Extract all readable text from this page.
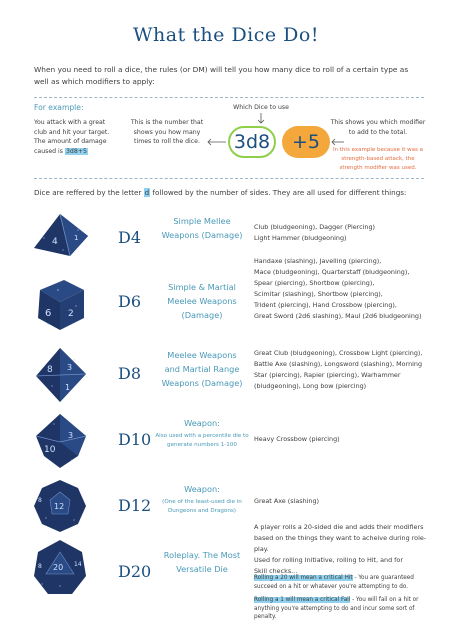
What the Dice Do!
When you need to roll a dice, the rules (or DM) will tell you how many dice to roll of a certain type as well as which modifiers to apply:
For example:
You attack with a great club and hit your target. The amount of damage caused is 3d8+5
This is the number that shows you how many times to roll the dice.
Which Dice to use
3d8	+5
This shows you which modifier to add to the total.
In this example because it was a strength-based attack, the strength modifier was used.
Dice are reffered by the letter d followed by the number of sides. They are all used for different things:
4 1 D4
Simple Mellee Weapons (Damage)
Club (bludgeoning), Dagger (Piercing)
Light Hammer (bludgeoning)
6 2
D6
Simple & Martial Meelee Weapons (Damage)
Handaxe (slashing), Javelling (piercing),
Mace (bludgeoning), Quarterstaff (bludgeoning),
Spear (piercing), Shortbow (piercing),
Scimitar (slashing), Shortbow (piercing),
Trident (piercing), Hand Crossbow (piercing),
Great Sword (2d6 slashing), Maul (2d6 bludgeoning)
8 3
1
D8
Meelee Weapons and Martial Range Weapons (Damage)
Great Club (bludgeoning), Crossbow Light (piercing),
Battle Axe (slashing), Longsword (slashing), Morning
Star (piercing), Rapier (piercing), Warhammer
(bludgeoning), Long bow (piercing)
10
3	D10
Weapon:
Also used with a percentile die to generate numbers 1-100
Heavy Crossbow (piercing)
12
8	D12
Weapon:
(One of the least-used die in Dungeons and Dragons)
Great Axe (slashing)
20
8	14 D20
Roleplay. The Most Versatile Die
A player rolls a 20-sided die and adds their modifiers
based on the things they want to acheive during role-play.
Used for rolling Initiative, rolling to Hit, and for
Skill checks...
Rolling a 20 will mean a critical Hit - You are guaranteed succeed on a hit or whatever you're attempting to do.
Rolling a 1 will mean a critical Fail - You will fail on a hit or anything you're attempting to do and incur some sort of penalty.
